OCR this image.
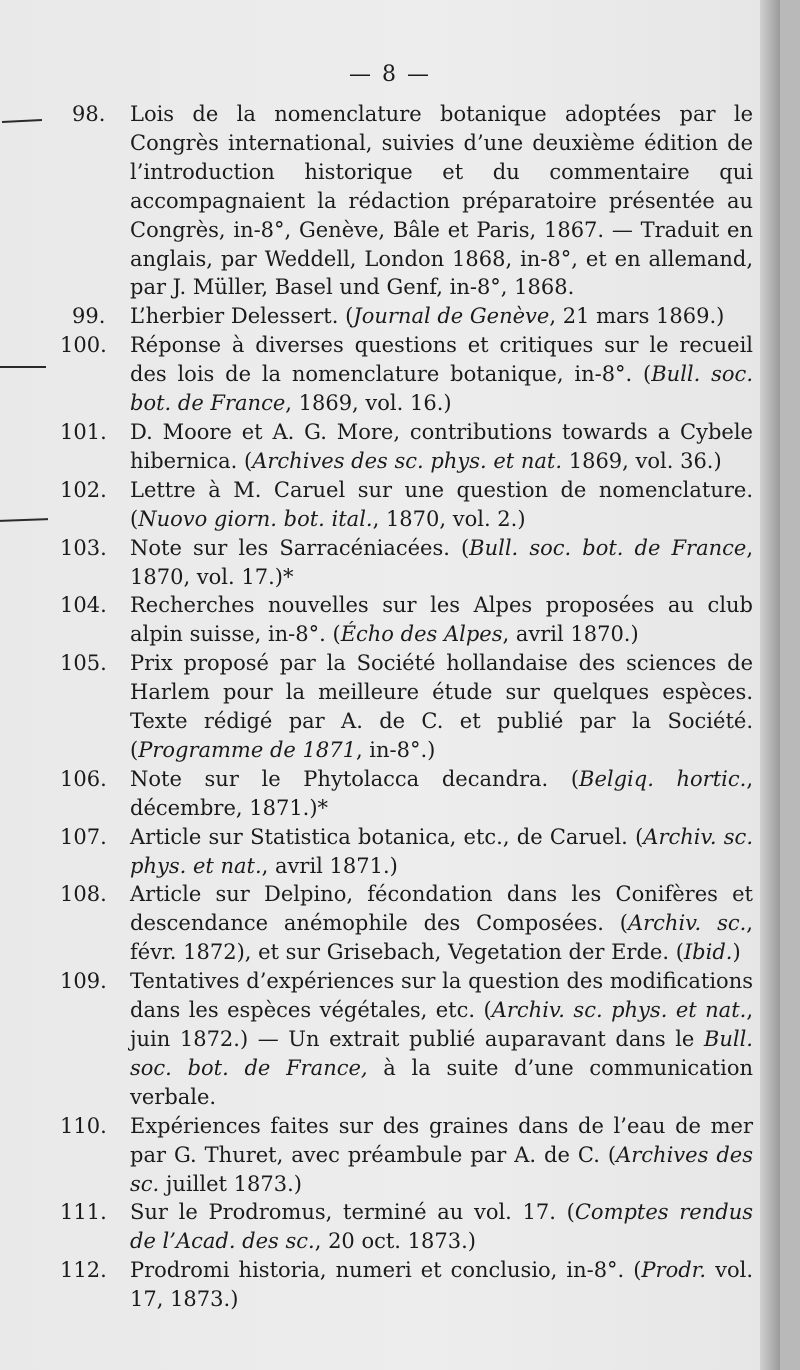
— 8 —
98. Lois de la nomenclature botanique adoptées par le Congrès international, suivies d’une deuxième édition de l’introduction historique et du commentaire qui accompagnaient la rédaction préparatoire présentée au Congrès, in-8°, Genève, Bâle et Paris, 1867. — Traduit en anglais, par Weddell, London 1868, in-8°, et en allemand, par J. Müller, Basel und Genf, in-8°, 1868.
99. L’herbier Delessert. (Journal de Genève, 21 mars 1869.)
100. Réponse à diverses questions et critiques sur le recueil des lois de la nomenclature botanique, in-8°. (Bull. soc. bot. de France, 1869, vol. 16.)
101. D. Moore et A. G. More, contributions towards a Cybele hibernica. (Archives des sc. phys. et nat. 1869, vol. 36.)
102. Lettre à M. Caruel sur une question de nomenclature. (Nuovo giorn. bot. ital., 1870, vol. 2.)
103. Note sur les Sarracéniacées. (Bull. soc. bot. de France, 1870, vol. 17.)*
104. Recherches nouvelles sur les Alpes proposées au club alpin suisse, in-8°. (Écho des Alpes, avril 1870.)
105. Prix proposé par la Société hollandaise des sciences de Harlem pour la meilleure étude sur quelques espèces. Texte rédigé par A. de C. et publié par la Société. (Programme de 1871, in-8°.)
106. Note sur le Phytolacca decandra. (Belgiq. hortic., décembre, 1871.)*
107. Article sur Statistica botanica, etc., de Caruel. (Archiv. sc. phys. et nat., avril 1871.)
108. Article sur Delpino, fécondation dans les Conifères et descendance anémophile des Composées. (Archiv. sc., févr. 1872), et sur Grisebach, Vegetation der Erde. (Ibid.)
109. Tentatives d’expériences sur la question des modifications dans les espèces végétales, etc. (Archiv. sc. phys. et nat., juin 1872.) — Un extrait publié auparavant dans le Bull. soc. bot. de France, à la suite d’une communication verbale.
110. Expériences faites sur des graines dans de l’eau de mer par G. Thuret, avec préambule par A. de C. (Archives des sc. juillet 1873.)
111. Sur le Prodromus, terminé au vol. 17. (Comptes rendus de l’Acad. des sc., 20 oct. 1873.)
112. Prodromi historia, numeri et conclusio, in-8°. (Prodr. vol. 17, 1873.)
